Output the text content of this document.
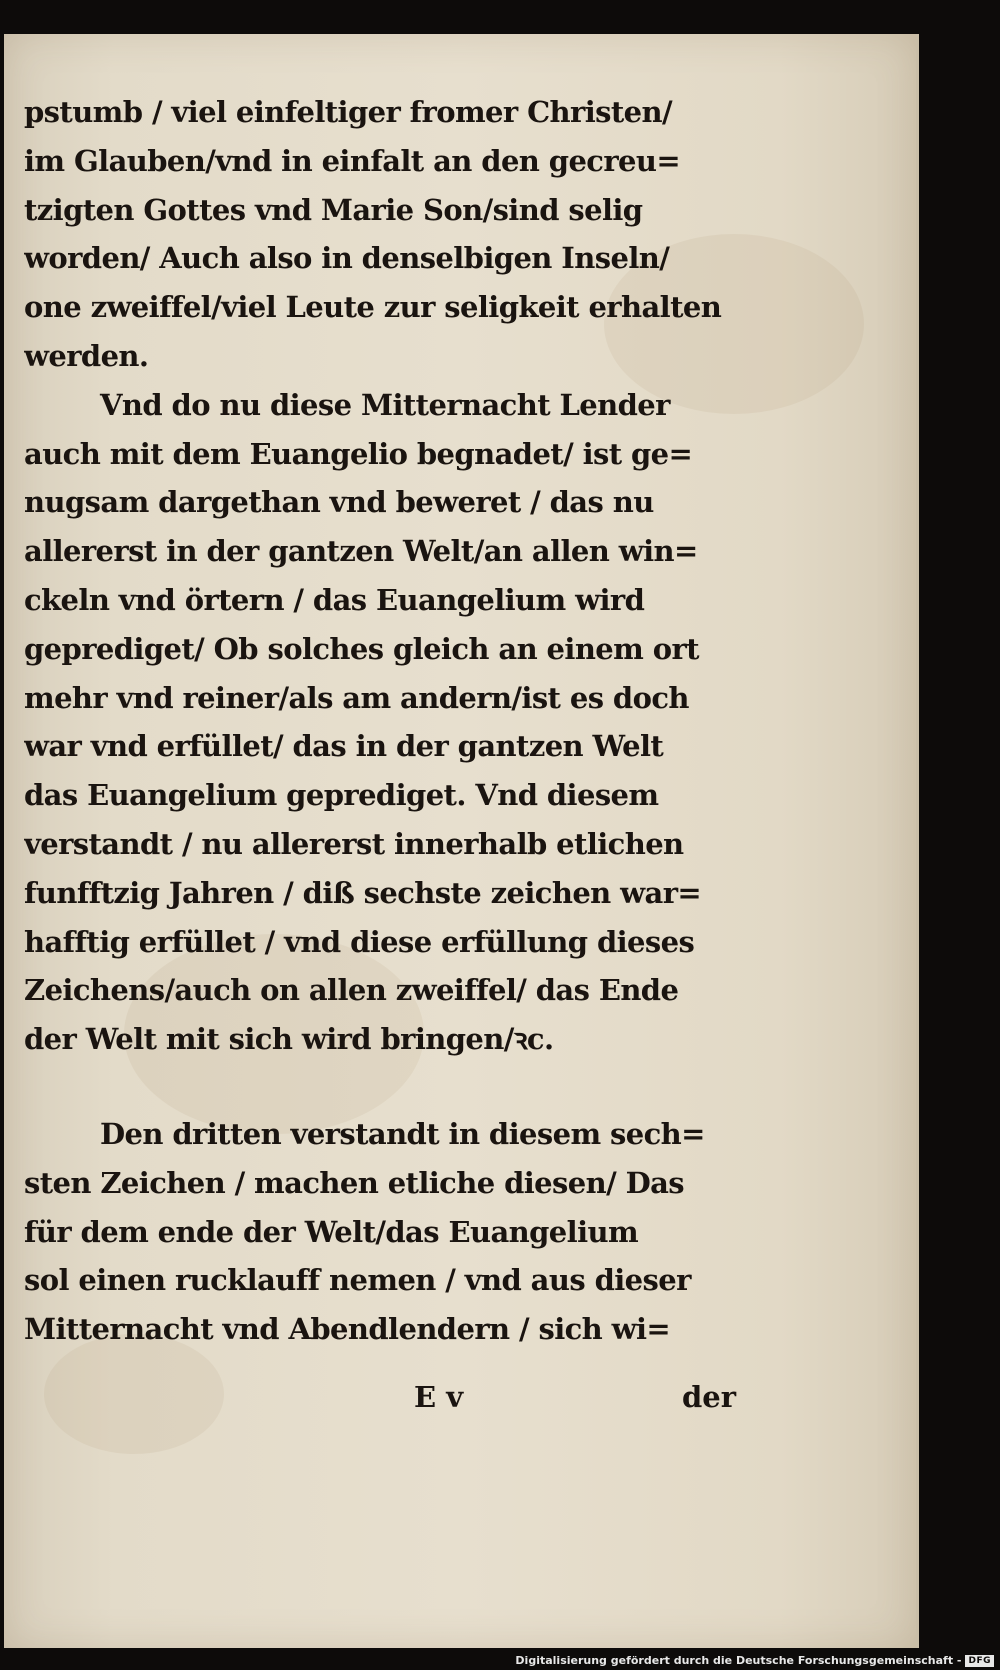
pstumb / viel einfeltiger fromer Christen/
im Glauben/vnd in einfalt an den gecreu=
tzigten Gottes vnd Marie Son/sind selig
worden/ Auch also in denselbigen Inseln/
one zweiffel/viel Leute zur seligkeit erhalten
werden.
Vnd do nu diese Mitternacht Lender
auch mit dem Euangelio begnadet/ ist ge=
nugsam dargethan vnd beweret / das nu
allererst in der gantzen Welt/an allen win=
ckeln vnd örtern / das Euangelium wird
geprediget/ Ob solches gleich an einem ort
mehr vnd reiner/als am andern/ist es doch
war vnd erfüllet/ das in der gantzen Welt
das Euangelium geprediget. Vnd diesem
verstandt / nu allererst innerhalb etlichen
funfftzig Jahren / diß sechste zeichen war=
hafftig erfüllet / vnd diese erfüllung dieses
Zeichens/auch on allen zweiffel/ das Ende
der Welt mit sich wird bringen/ꝛc.
Den dritten verstandt in diesem sech=
sten Zeichen / machen etliche diesen/ Das
für dem ende der Welt/das Euangelium
sol einen rucklauff nemen / vnd aus dieser
Mitternacht vnd Abendlendern / sich wi=
E v	der
Digitalisierung gefördert durch die Deutsche Forschungsgemeinschaft - DFG
